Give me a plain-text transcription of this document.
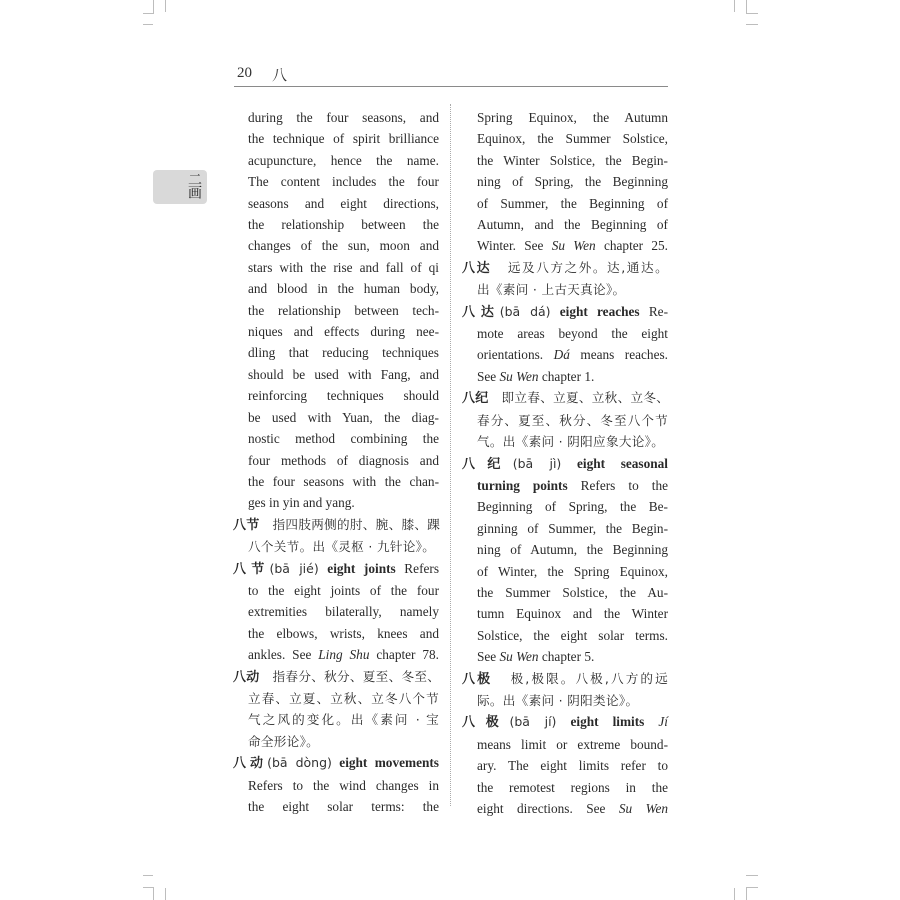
20 八
二画
during the four seasons, and
the technique of spirit brilliance
acupuncture, hence the name.
The content includes the four
seasons and eight directions,
the relationship between the
changes of the sun, moon and
stars with the rise and fall of qi
and blood in the human body,
the relationship between tech-
niques and effects during nee-
dling that reducing techniques
should be used with Fang, and
reinforcing techniques should
be used with Yuan, the diag-
nostic method combining the
four methods of diagnosis and
the four seasons with the chan-
ges in yin and yang.
八节 指四肢两侧的肘、腕、膝、踝
八个关节。出《灵枢 · 九针论》。
八节(bā jié) eight joints Refers
to the eight joints of the four
extremities bilaterally, namely
the elbows, wrists, knees and
ankles. See Ling Shu chapter 78.
八动 指春分、秋分、夏至、冬至、
立春、立夏、立秋、立冬八个节
气之风的变化。出《素问 · 宝
命全形论》。
八动(bā dòng) eight movements
Refers to the wind changes in
the eight solar terms: the
Spring Equinox, the Autumn
Equinox, the Summer Solstice,
the Winter Solstice, the Begin-
ning of Spring, the Beginning
of Summer, the Beginning of
Autumn, and the Beginning of
Winter. See Su Wen chapter 25.
八达 远及八方之外。达,通达。
出《素问 · 上古天真论》。
八达(bā dá) eight reaches Re-
mote areas beyond the eight
orientations. Dá means reaches.
See Su Wen chapter 1.
八纪 即立春、立夏、立秋、立冬、
春分、夏至、秋分、冬至八个节
气。出《素问 · 阴阳应象大论》。
八纪(bā jì) eight seasonal
turning points Refers to the
Beginning of Spring, the Be-
ginning of Summer, the Begin-
ning of Autumn, the Beginning
of Winter, the Spring Equinox,
the Summer Solstice, the Au-
tumn Equinox and the Winter
Solstice, the eight solar terms.
See Su Wen chapter 5.
八极 极,极限。八极,八方的远
际。出《素问 · 阴阳类论》。
八极(bā jí) eight limits Jí
means limit or extreme bound-
ary. The eight limits refer to
the remotest regions in the
eight directions. See Su Wen
